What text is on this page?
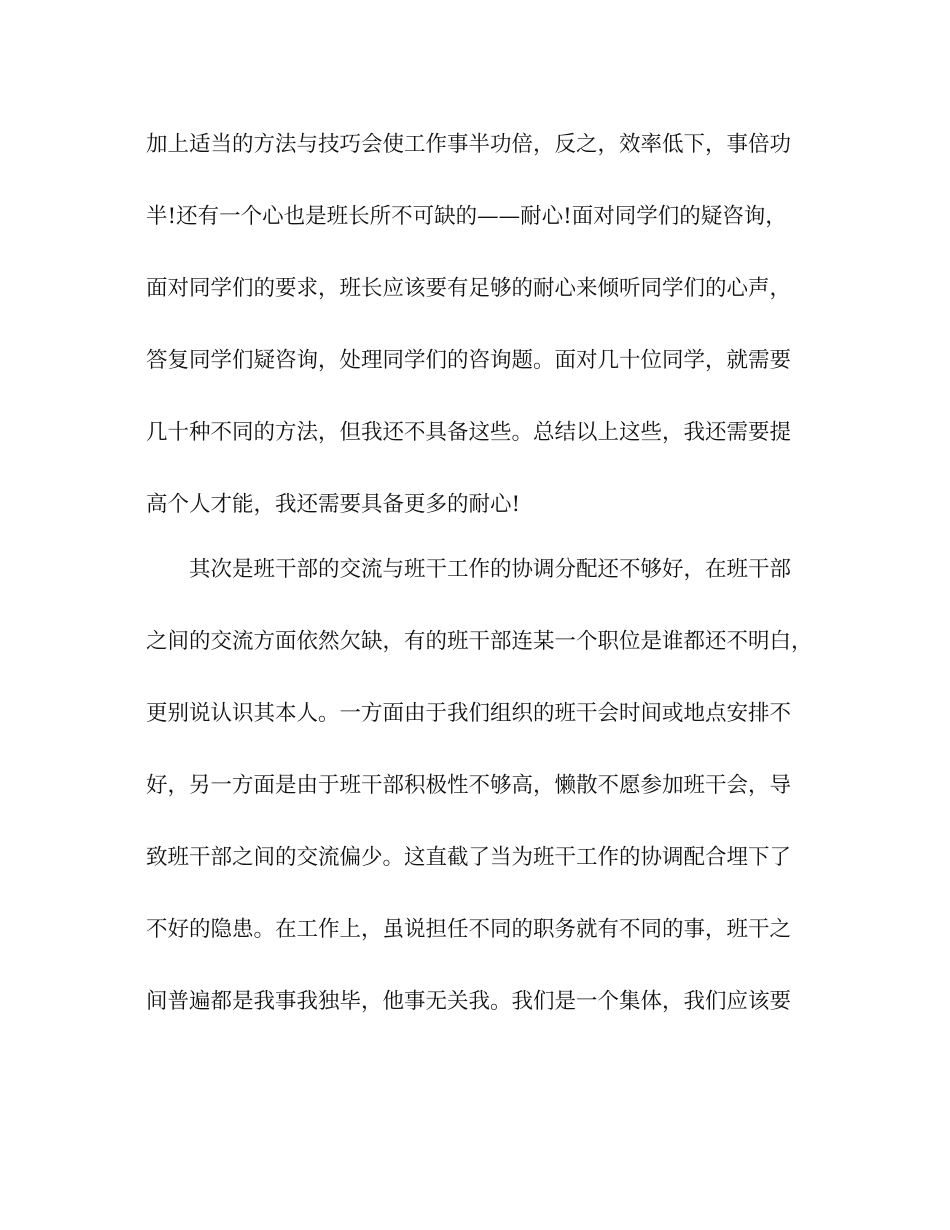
加上适当的方法与技巧会使工作事半功倍，反之，效率低下，事倍功
半!还有一个心也是班长所不可缺的——耐心!面对同学们的疑咨询，
面对同学们的要求，班长应该要有足够的耐心来倾听同学们的心声，
答复同学们疑咨询，处理同学们的咨询题。面对几十位同学，就需要
几十种不同的方法，但我还不具备这些。总结以上这些，我还需要提
高个人才能，我还需要具备更多的耐心!
其次是班干部的交流与班干工作的协调分配还不够好，在班干部
之间的交流方面依然欠缺，有的班干部连某一个职位是谁都还不明白，
更别说认识其本人。一方面由于我们组织的班干会时间或地点安排不
好，另一方面是由于班干部积极性不够高，懒散不愿参加班干会，导
致班干部之间的交流偏少。这直截了当为班干工作的协调配合埋下了
不好的隐患。在工作上，虽说担任不同的职务就有不同的事，班干之
间普遍都是我事我独毕，他事无关我。我们是一个集体，我们应该要
